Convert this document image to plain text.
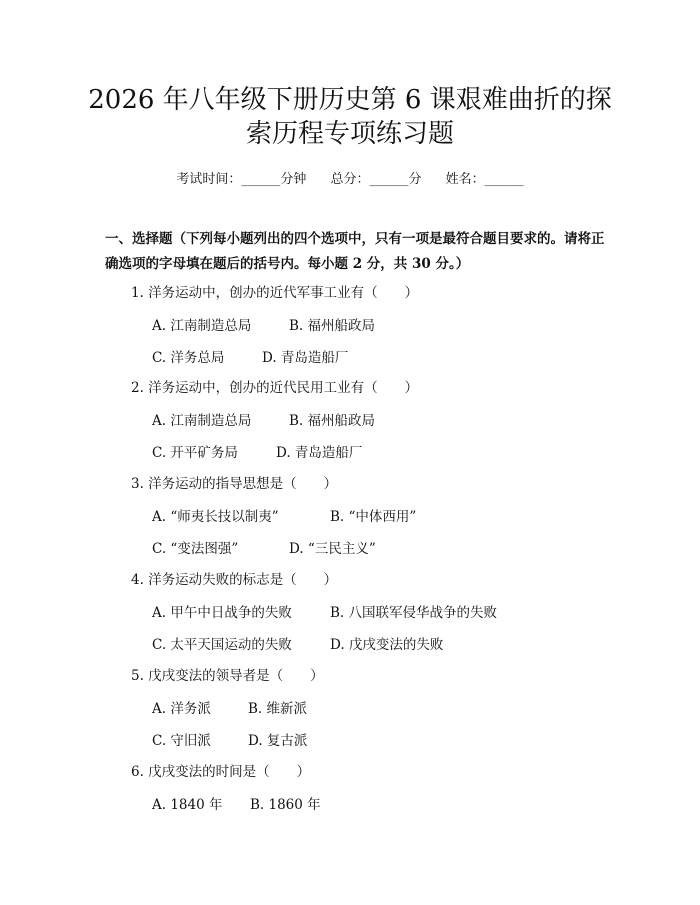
2026 年八年级下册历史第 6 课艰难曲折的探
索历程专项练习题
考试时间：______分钟 总分：______分 姓名：______

一、选择题（下列每小题列出的四个选项中，只有一项是最符合题目要求的。请将正确选项的字母填在题后的括号内。每小题 2 分，共 30 分。）

1. 洋务运动中，创办的近代军事工业有（　　）
A. 江南制造总局	B. 福州船政局
C. 洋务总局	D. 青岛造船厂
2. 洋务运动中，创办的近代民用工业有（　　）
A. 江南制造总局	B. 福州船政局
C. 开平矿务局	D. 青岛造船厂
3. 洋务运动的指导思想是（　　）
A. “师夷长技以制夷”	B. “中体西用”
C. “变法图强”	D. “三民主义”
4. 洋务运动失败的标志是（　　）
A. 甲午中日战争的失败	B. 八国联军侵华战争的失败
C. 太平天国运动的失败	D. 戊戌变法的失败
5. 戊戌变法的领导者是（　　）
A. 洋务派	B. 维新派
C. 守旧派	D. 复古派
6. 戊戌变法的时间是（　　）
A. 1840 年 B. 1860 年
